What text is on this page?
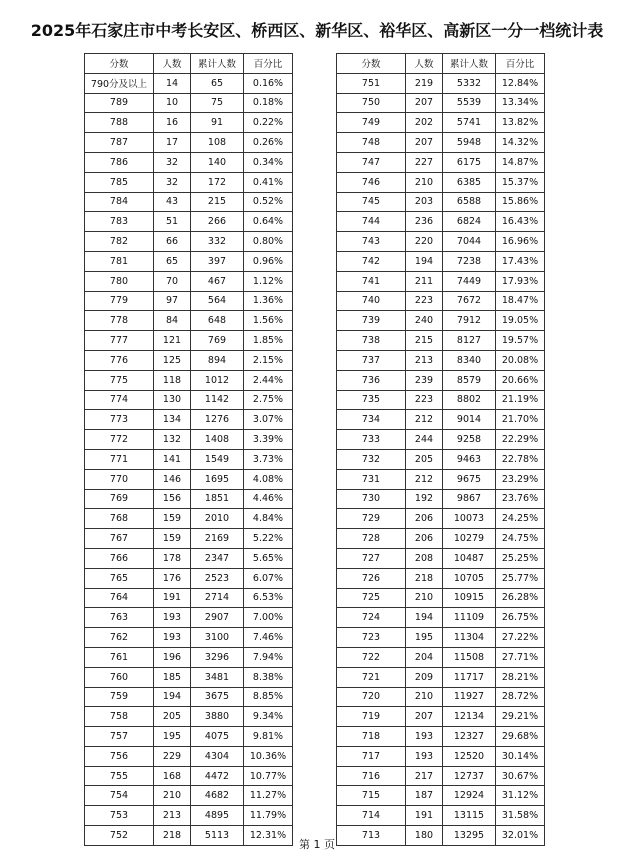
2025年石家庄市中考长安区、桥西区、新华区、裕华区、高新区一分一档统计表
分数	人数	累计人数	百分比
790分及以上	14	65	0.16%
789	10	75	0.18%
788	16	91	0.22%
787	17	108	0.26%
786	32	140	0.34%
785	32	172	0.41%
784	43	215	0.52%
783	51	266	0.64%
782	66	332	0.80%
781	65	397	0.96%
780	70	467	1.12%
779	97	564	1.36%
778	84	648	1.56%
777	121	769	1.85%
776	125	894	2.15%
775	118	1012	2.44%
774	130	1142	2.75%
773	134	1276	3.07%
772	132	1408	3.39%
771	141	1549	3.73%
770	146	1695	4.08%
769	156	1851	4.46%
768	159	2010	4.84%
767	159	2169	5.22%
766	178	2347	5.65%
765	176	2523	6.07%
764	191	2714	6.53%
763	193	2907	7.00%
762	193	3100	7.46%
761	196	3296	7.94%
760	185	3481	8.38%
759	194	3675	8.85%
758	205	3880	9.34%
757	195	4075	9.81%
756	229	4304	10.36%
755	168	4472	10.77%
754	210	4682	11.27%
753	213	4895	11.79%
752	218	5113	12.31%
分数	人数	累计人数	百分比
751	219	5332	12.84%
750	207	5539	13.34%
749	202	5741	13.82%
748	207	5948	14.32%
747	227	6175	14.87%
746	210	6385	15.37%
745	203	6588	15.86%
744	236	6824	16.43%
743	220	7044	16.96%
742	194	7238	17.43%
741	211	7449	17.93%
740	223	7672	18.47%
739	240	7912	19.05%
738	215	8127	19.57%
737	213	8340	20.08%
736	239	8579	20.66%
735	223	8802	21.19%
734	212	9014	21.70%
733	244	9258	22.29%
732	205	9463	22.78%
731	212	9675	23.29%
730	192	9867	23.76%
729	206	10073	24.25%
728	206	10279	24.75%
727	208	10487	25.25%
726	218	10705	25.77%
725	210	10915	26.28%
724	194	11109	26.75%
723	195	11304	27.22%
722	204	11508	27.71%
721	209	11717	28.21%
720	210	11927	28.72%
719	207	12134	29.21%
718	193	12327	29.68%
717	193	12520	30.14%
716	217	12737	30.67%
715	187	12924	31.12%
714	191	13115	31.58%
713	180	13295	32.01%
第 1 页
